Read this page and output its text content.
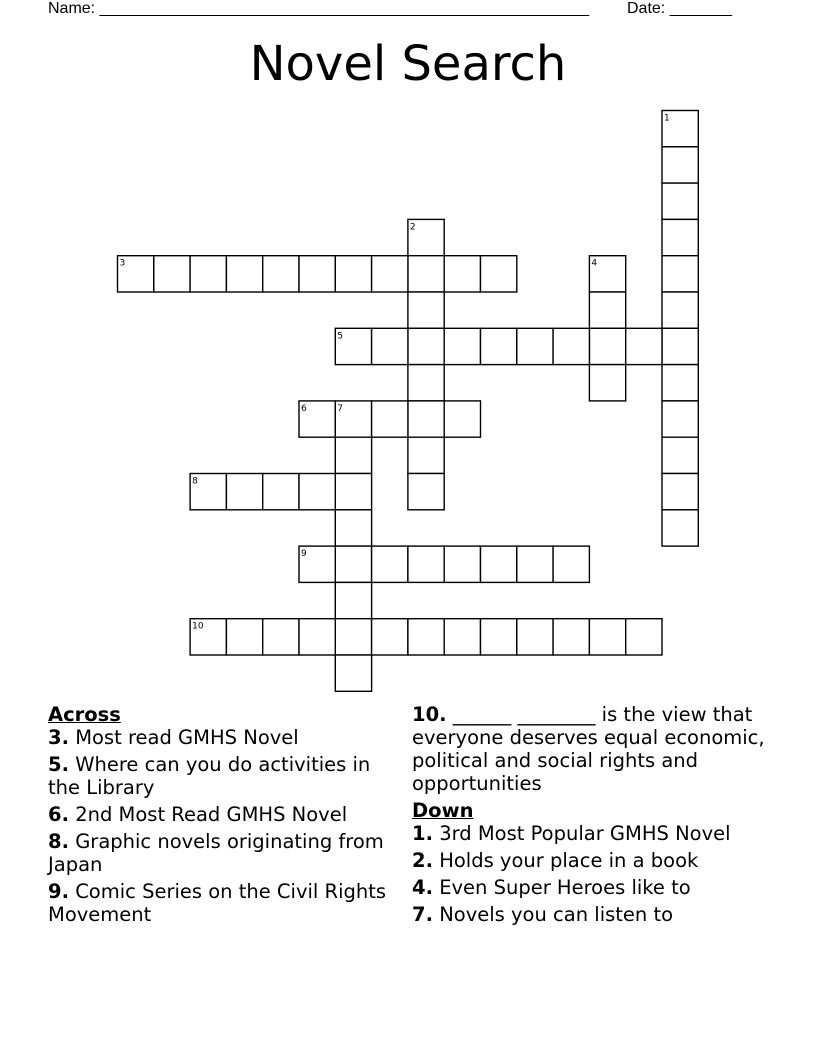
Name: _______________________________________________________ Date: _______
Novel Search
1
2
3	4
5
6	7
8
9
10

Across

3. Most read GMHS Novel

5. Where can you do activities in the Library

6. 2nd Most Read GMHS Novel

8. Graphic novels originating from Japan

9. Comic Series on the Civil Rights Movement

10. ______ ________ is the view that everyone deserves equal economic, political and social rights and opportunities

Down

1. 3rd Most Popular GMHS Novel

2. Holds your place in a book

4. Even Super Heroes like to

7. Novels you can listen to
